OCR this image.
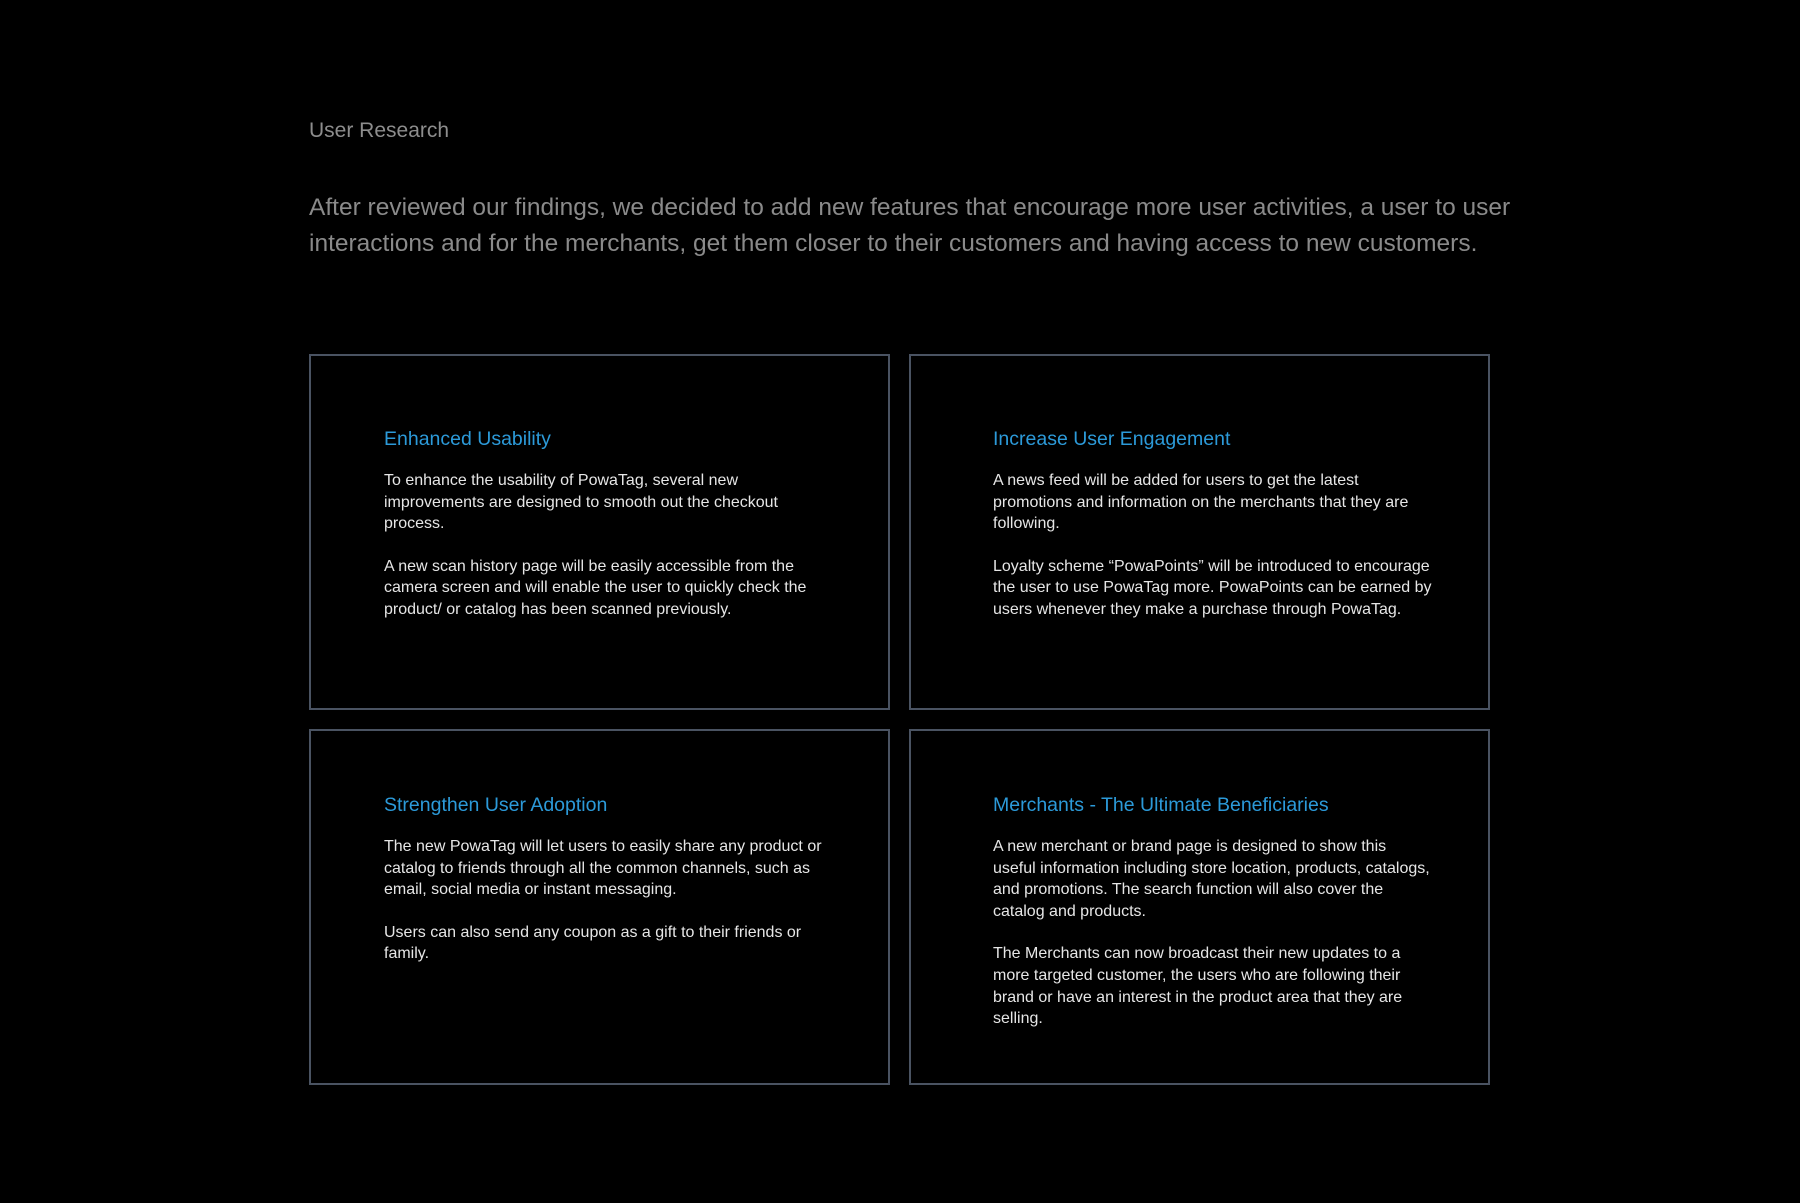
User Research

After reviewed our findings, we decided to add new features that encourage more user activities, a user to user interactions and for the merchants, get them closer to their customers and having access to new customers.

Enhanced Usability

To enhance the usability of PowaTag, several new improvements are designed to smooth out the checkout process.

A new scan history page will be easily accessible from the camera screen and will enable the user to quickly check the product/ or catalog has been scanned previously.

Increase User Engagement

A news feed will be added for users to get the latest promotions and information on the merchants that they are following.

Loyalty scheme “PowaPoints” will be introduced to encourage the user to use PowaTag more. PowaPoints can be earned by users whenever they make a purchase through PowaTag.

Strengthen User Adoption

The new PowaTag will let users to easily share any product or catalog to friends through all the common channels, such as email, social media or instant messaging.

Users can also send any coupon as a gift to their friends or family.

Merchants - The Ultimate Beneficiaries

A new merchant or brand page is designed to show this useful information including store location, products, catalogs, and promotions. The search function will also cover the catalog and products.

The Merchants can now broadcast their new updates to a more targeted customer, the users who are following their brand or have an interest in the product area that they are selling.
